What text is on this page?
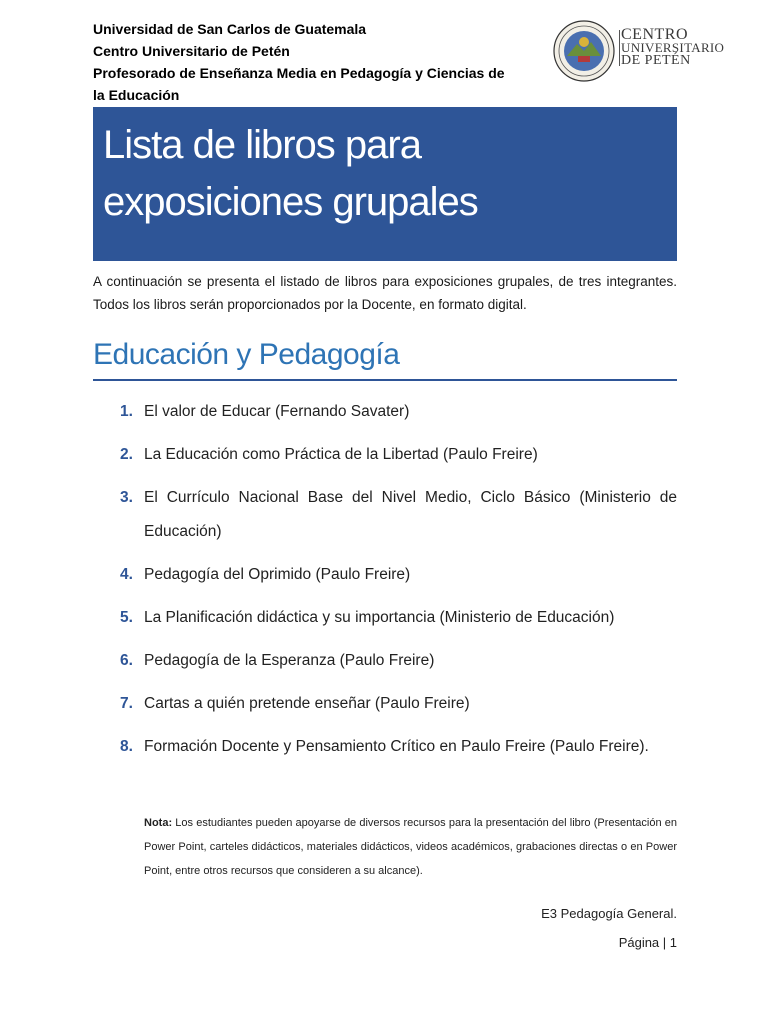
Universidad de San Carlos de Guatemala
Centro Universitario de Petén
Profesorado de Enseñanza Media en Pedagogía y Ciencias de
la Educación
CENTRO
UNIVERSITARIO
DE PETÉN
Lista de libros para
exposiciones grupales

A continuación se presenta el listado de libros para exposiciones grupales, de tres integrantes. Todos los libros serán proporcionados por la Docente, en formato digital.

Educación y Pedagogía
1. El valor de Educar (Fernando Savater)
2. La Educación como Práctica de la Libertad (Paulo Freire)
3. El Currículo Nacional Base del Nivel Medio, Ciclo Básico (Ministerio de Educación)
4. Pedagogía del Oprimido (Paulo Freire)
5. La Planificación didáctica y su importancia (Ministerio de Educación)
6. Pedagogía de la Esperanza (Paulo Freire)
7. Cartas a quién pretende enseñar (Paulo Freire)
8. Formación Docente y Pensamiento Crítico en Paulo Freire (Paulo Freire).

Nota: Los estudiantes pueden apoyarse de diversos recursos para la presentación del libro (Presentación en Power Point, carteles didácticos, materiales didácticos, videos académicos, grabaciones directas o en Power Point, entre otros recursos que consideren a su alcance).

E3 Pedagogía General.
Página | 1
